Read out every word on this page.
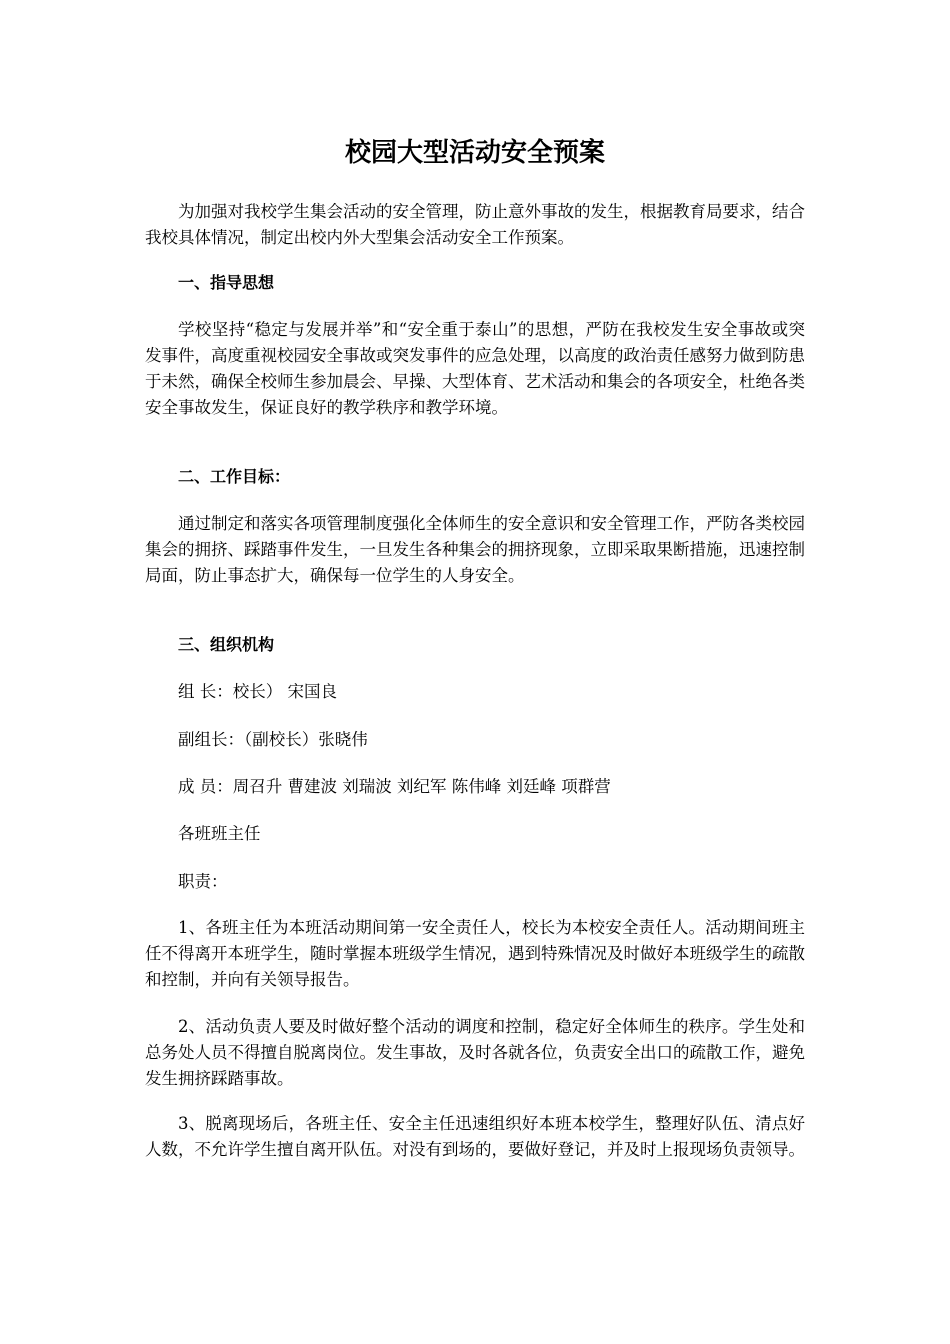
校园大型活动安全预案

为加强对我校学生集会活动的安全管理，防止意外事故的发生，根据教育局要求，结合我校具体情况，制定出校内外大型集会活动安全工作预案。

一、指导思想

学校坚持“稳定与发展并举”和“安全重于泰山”的思想，严防在我校发生安全事故或突发事件，高度重视校园安全事故或突发事件的应急处理，以高度的政治责任感努力做到防患于未然，确保全校师生参加晨会、早操、大型体育、艺术活动和集会的各项安全，杜绝各类安全事故发生，保证良好的教学秩序和教学环境。

二、工作目标：

通过制定和落实各项管理制度强化全体师生的安全意识和安全管理工作，严防各类校园集会的拥挤、踩踏事件发生，一旦发生各种集会的拥挤现象，立即采取果断措施，迅速控制局面，防止事态扩大，确保每一位学生的人身安全。

三、组织机构
组 长：校长） 宋国良
副组长：（副校长）张晓伟
成 员：周召升 曹建波 刘瑞波 刘纪军 陈伟峰 刘廷峰 项群营
各班班主任
职责：

1、各班主任为本班活动期间第一安全责任人，校长为本校安全责任人。活动期间班主任不得离开本班学生，随时掌握本班级学生情况，遇到特殊情况及时做好本班级学生的疏散和控制，并向有关领导报告。

2、活动负责人要及时做好整个活动的调度和控制，稳定好全体师生的秩序。学生处和总务处人员不得擅自脱离岗位。发生事故，及时各就各位，负责安全出口的疏散工作，避免发生拥挤踩踏事故。

3、脱离现场后，各班主任、安全主任迅速组织好本班本校学生，整理好队伍、清点好人数，不允许学生擅自离开队伍。对没有到场的，要做好登记，并及时上报现场负责领导。
